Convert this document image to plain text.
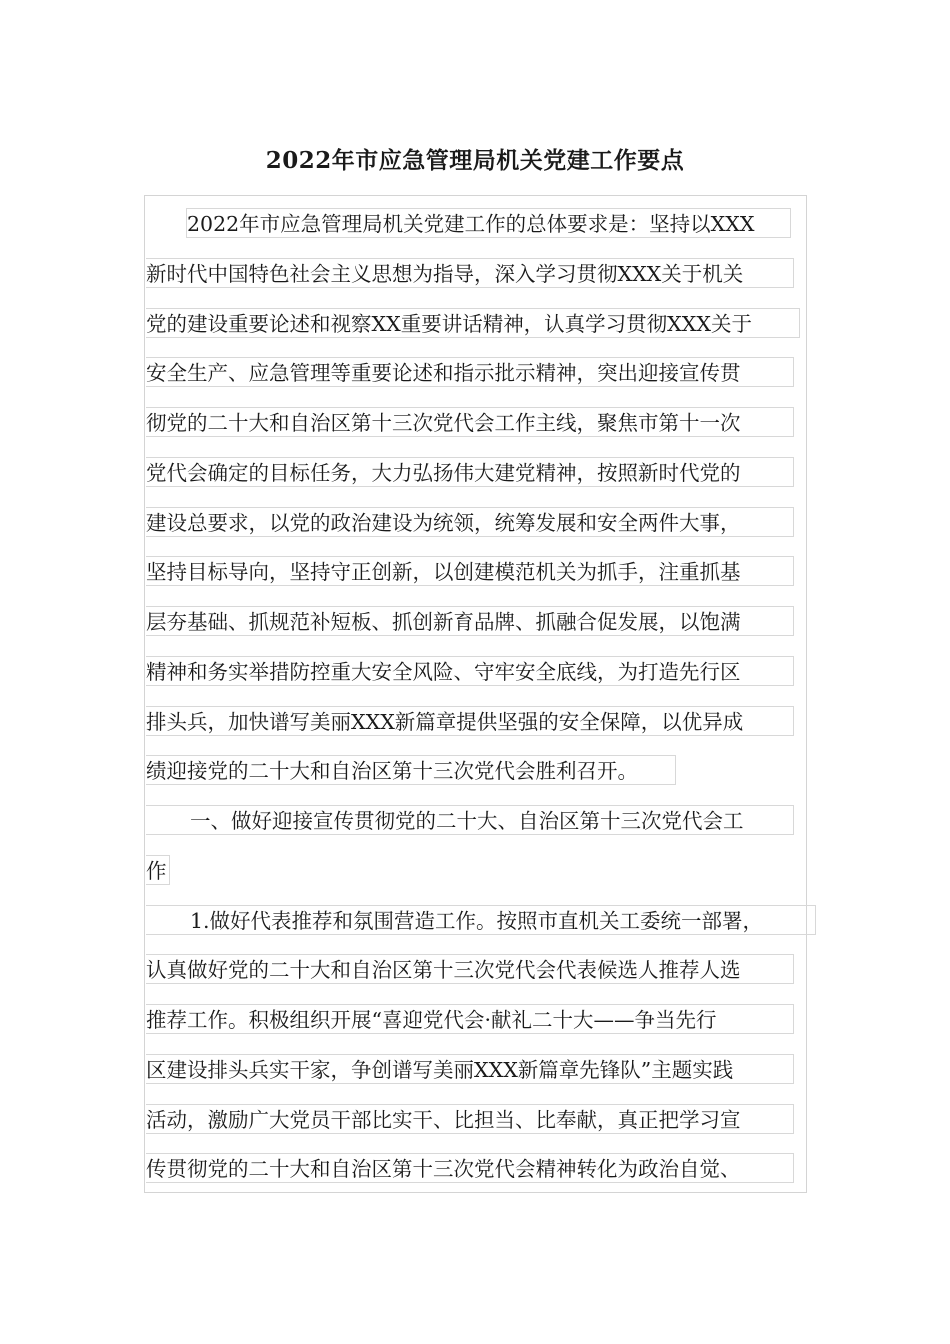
2022年市应急管理局机关党建工作要点
2022年市应急管理局机关党建工作的总体要求是：坚持以XXX
新时代中国特色社会主义思想为指导，深入学习贯彻XXX关于机关
党的建设重要论述和视察XX重要讲话精神，认真学习贯彻XXX关于
安全生产、应急管理等重要论述和指示批示精神，突出迎接宣传贯
彻党的二十大和自治区第十三次党代会工作主线，聚焦市第十一次
党代会确定的目标任务，大力弘扬伟大建党精神，按照新时代党的
建设总要求，以党的政治建设为统领，统筹发展和安全两件大事，
坚持目标导向，坚持守正创新，以创建模范机关为抓手，注重抓基
层夯基础、抓规范补短板、抓创新育品牌、抓融合促发展，以饱满
精神和务实举措防控重大安全风险、守牢安全底线，为打造先行区
排头兵，加快谱写美丽XXX新篇章提供坚强的安全保障，以优异成
绩迎接党的二十大和自治区第十三次党代会胜利召开。
一、做好迎接宣传贯彻党的二十大、自治区第十三次党代会工
作
1.做好代表推荐和氛围营造工作。按照市直机关工委统一部署，
认真做好党的二十大和自治区第十三次党代会代表候选人推荐人选
推荐工作。积极组织开展“喜迎党代会·献礼二十大——争当先行
区建设排头兵实干家，争创谱写美丽XXX新篇章先锋队”主题实践
活动，激励广大党员干部比实干、比担当、比奉献，真正把学习宣
传贯彻党的二十大和自治区第十三次党代会精神转化为政治自觉、
